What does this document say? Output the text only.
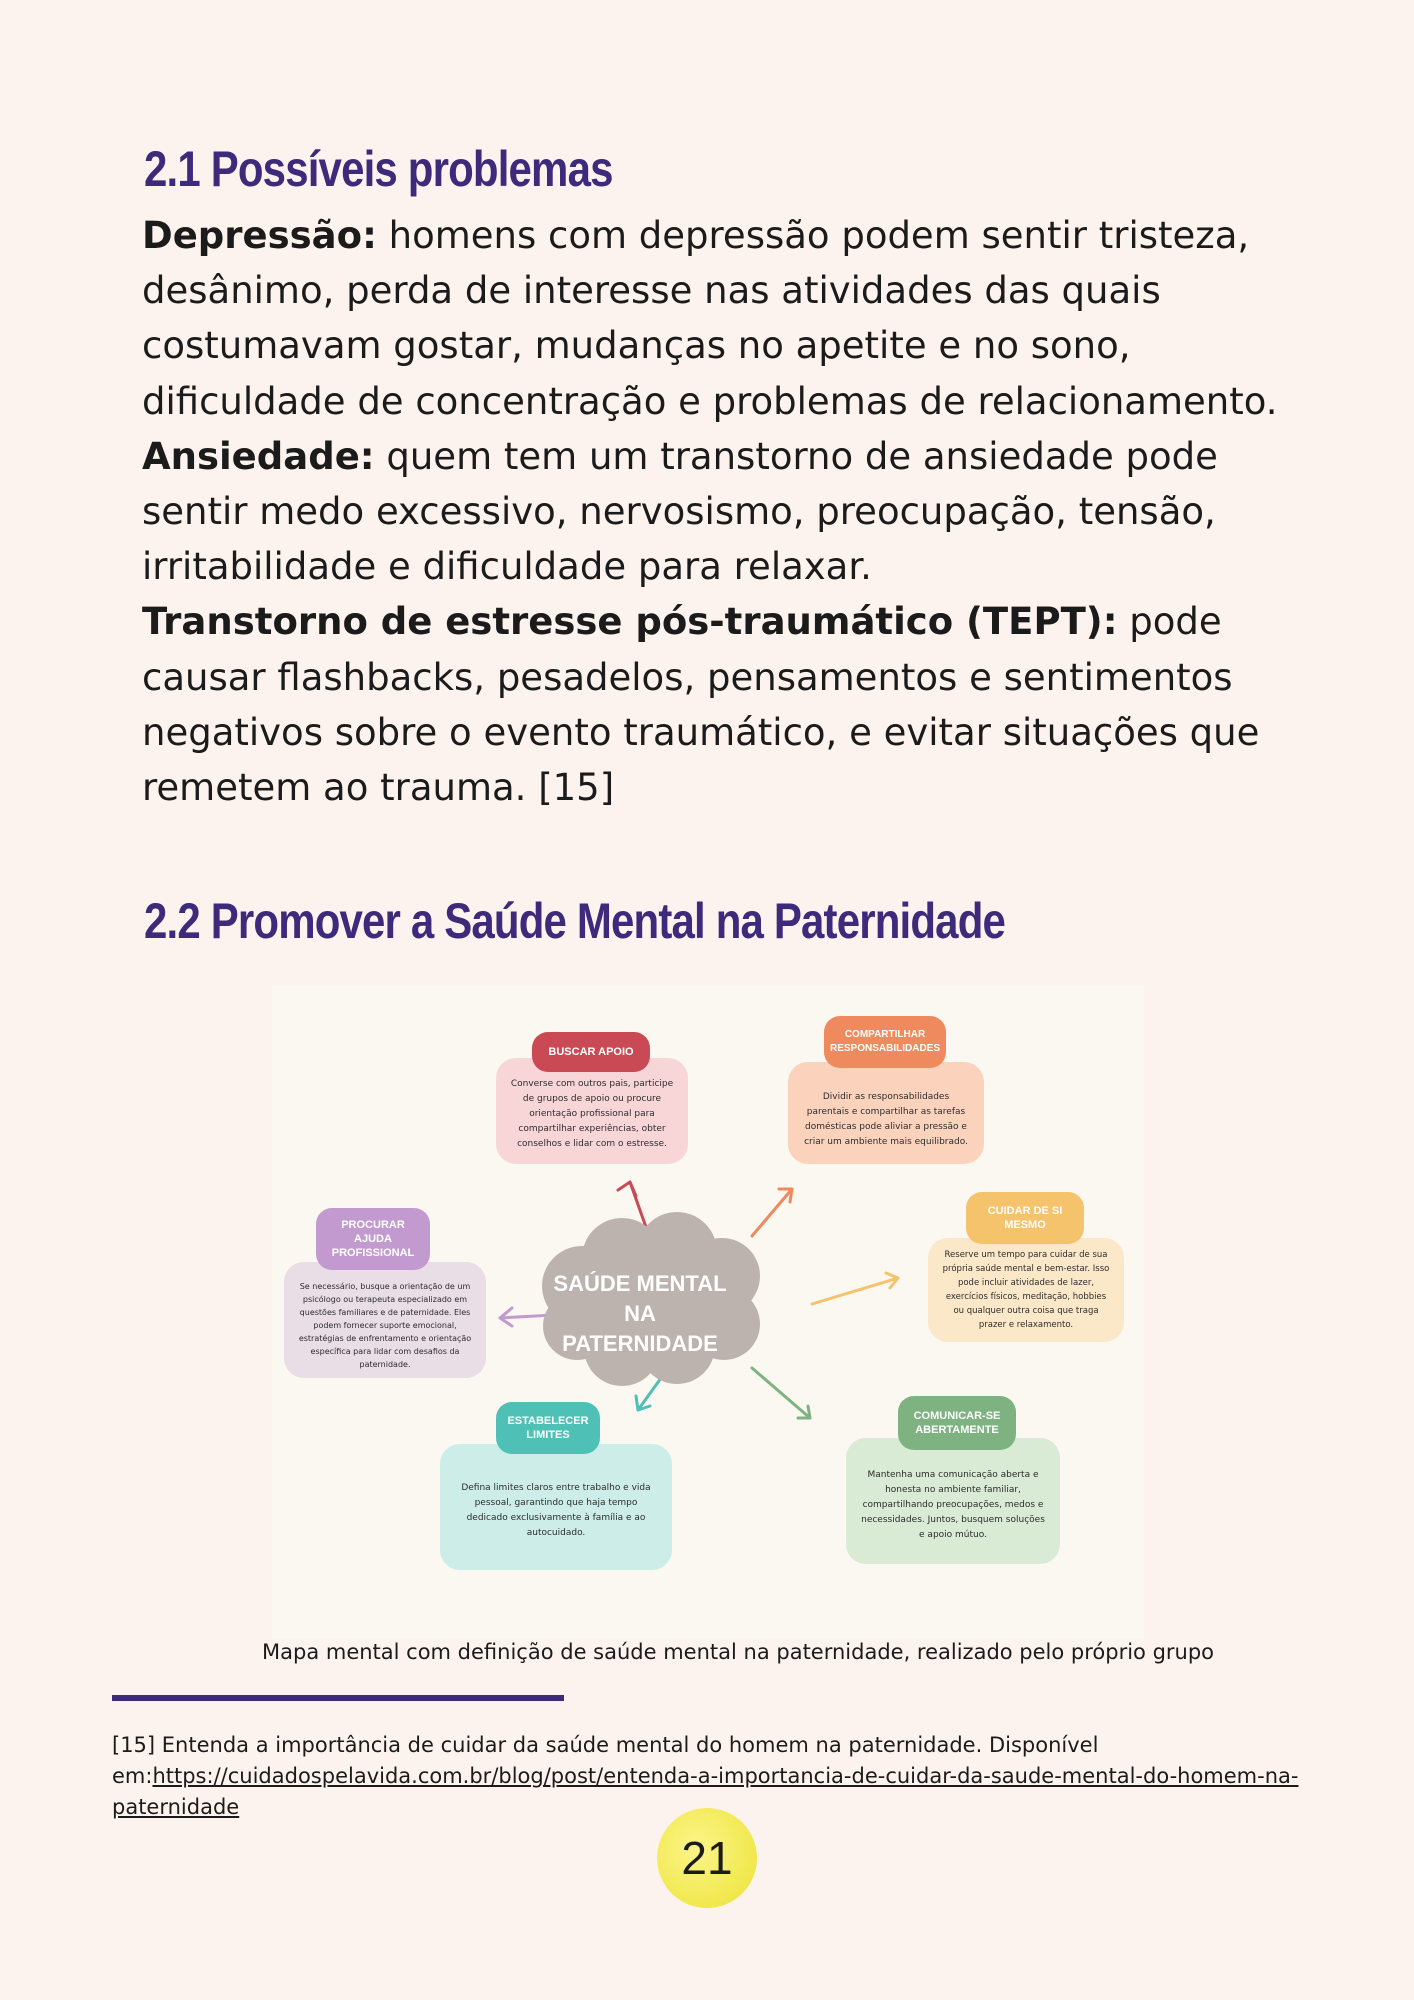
2.1 Possíveis problemas

Depressão: homens com depressão podem sentir tristeza, desânimo, perda de interesse nas atividades das quais costumavam gostar, mudanças no apetite e no sono, dificuldade de concentração e problemas de relacionamento.

Ansiedade: quem tem um transtorno de ansiedade pode sentir medo excessivo, nervosismo, preocupação, tensão, irritabilidade e dificuldade para relaxar.

Transtorno de estresse pós-traumático (TEPT): pode causar flashbacks, pesadelos, pensamentos e sentimentos negativos sobre o evento traumático, e evitar situações que remetem ao trauma. [15]

2.2 Promover a Saúde Mental na Paternidade
SAÚDE MENTAL NA PATERNIDADE
Converse com outros pais, participe de grupos de apoio ou procure orientação profissional para compartilhar experiências, obter conselhos e lidar com o estresse.
BUSCAR APOIO
Dividir as responsabilidades parentais e compartilhar as tarefas domésticas pode aliviar a pressão e criar um ambiente mais equilibrado.
COMPARTILHAR RESPONSABILIDADES
Reserve um tempo para cuidar de sua própria saúde mental e bem-estar. Isso pode incluir atividades de lazer, exercícios físicos, meditação, hobbies ou qualquer outra coisa que traga prazer e relaxamento.
CUIDAR DE SI MESMO
Mantenha uma comunicação aberta e honesta no ambiente familiar, compartilhando preocupações, medos e necessidades. Juntos, busquem soluções e apoio mútuo.
COMUNICAR-SE ABERTAMENTE
Defina limites claros entre trabalho e vida pessoal, garantindo que haja tempo dedicado exclusivamente à família e ao autocuidado.
ESTABELECER LIMITES
Se necessário, busque a orientação de um psicólogo ou terapeuta especializado em questões familiares e de paternidade. Eles podem fornecer suporte emocional, estratégias de enfrentamento e orientação específica para lidar com desafios da paternidade.
PROCURAR AJUDA PROFISSIONAL
Mapa mental com definição de saúde mental na paternidade, realizado pelo próprio grupo
[15] Entenda a importância de cuidar da saúde mental do homem na paternidade. Disponível em:https://cuidadospelavida.com.br/blog/post/entenda-a-importancia-de-cuidar-da-saude-mental-do-homem-na-paternidade
21
